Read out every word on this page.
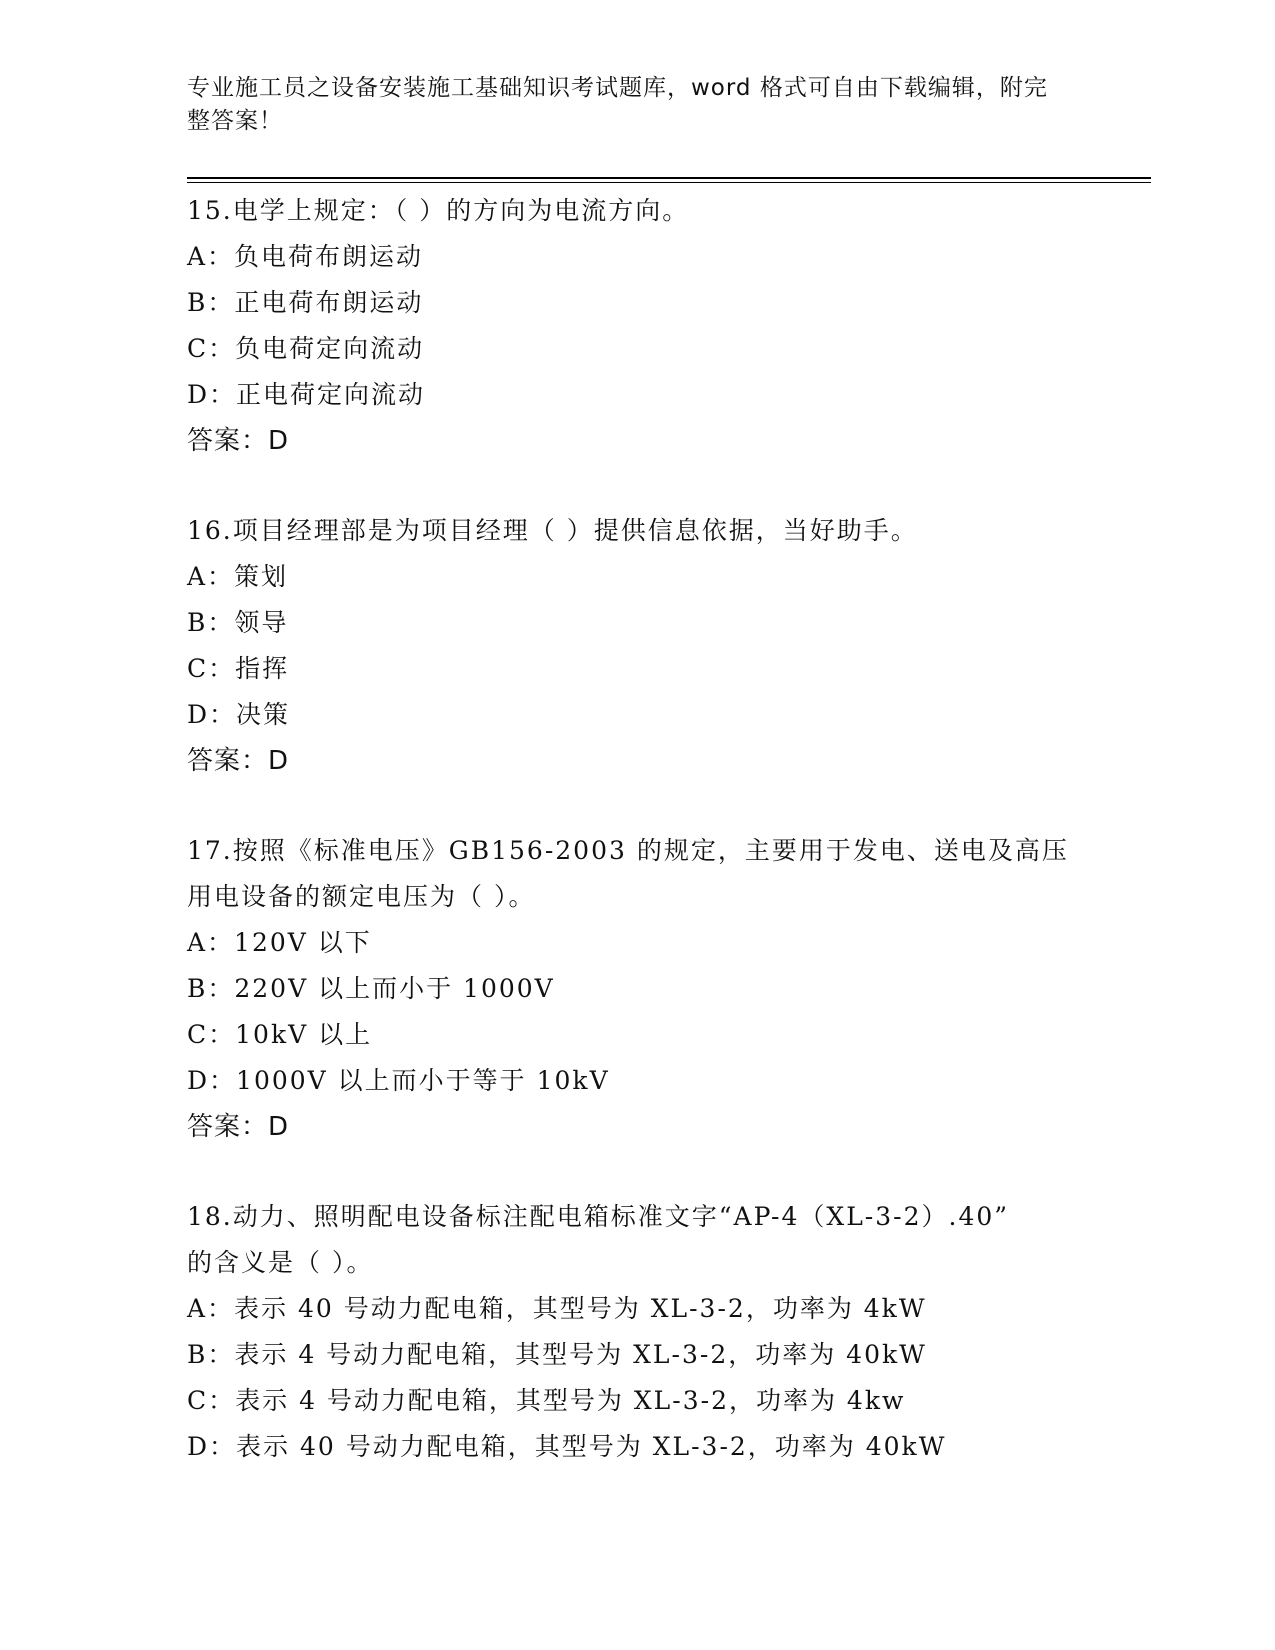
专业施工员之设备安装施工基础知识考试题库，word 格式可自由下载编辑，附完
整答案！
15.电学上规定：（ ）的方向为电流方向。
A：负电荷布朗运动
B：正电荷布朗运动
C：负电荷定向流动
D：正电荷定向流动
答案：D
16.项目经理部是为项目经理（ ）提供信息依据，当好助手。
A：策划
B：领导
C：指挥
D：决策
答案：D
17.按照《标准电压》GB156-2003 的规定，主要用于发电、送电及高压
用电设备的额定电压为（ ）。
A：120V 以下
B：220V 以上而小于 1000V
C：10kV 以上
D：1000V 以上而小于等于 10kV
答案：D
18.动力、照明配电设备标注配电箱标准文字“AP-4（XL-3-2）.40”
的含义是（ ）。
A：表示 40 号动力配电箱，其型号为 XL-3-2，功率为 4kW
B：表示 4 号动力配电箱，其型号为 XL-3-2，功率为 40kW
C：表示 4 号动力配电箱，其型号为 XL-3-2，功率为 4kw
D：表示 40 号动力配电箱，其型号为 XL-3-2，功率为 40kW
